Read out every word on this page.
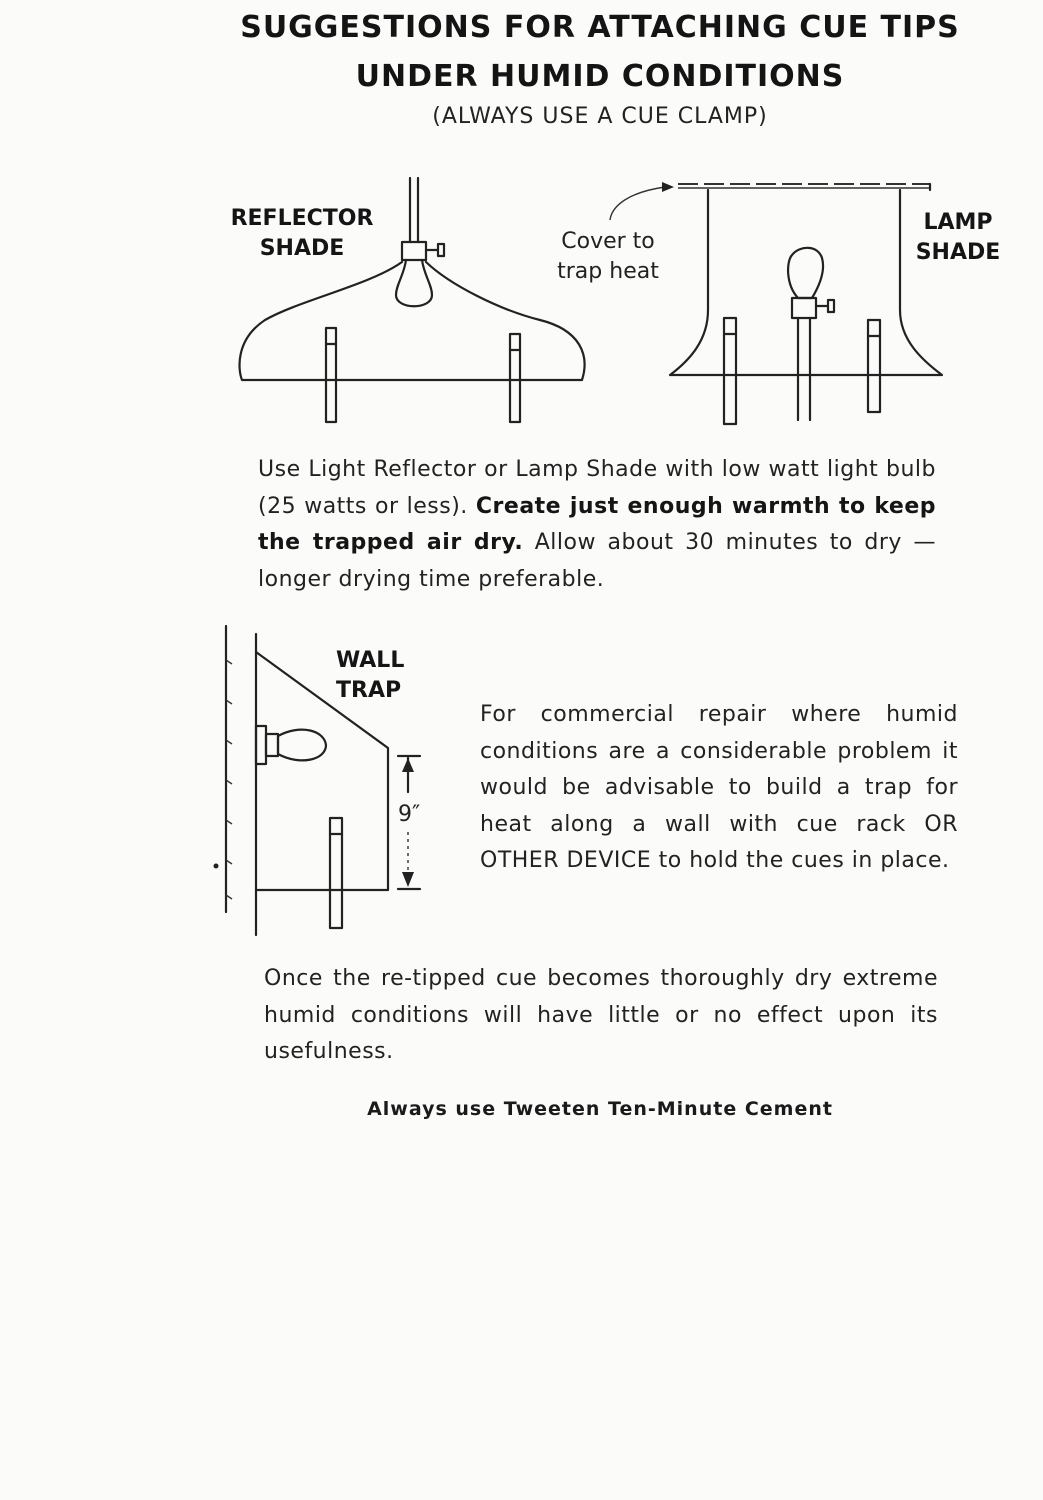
SUGGESTIONS FOR ATTACHING CUE TIPS
UNDER HUMID CONDITIONS
(ALWAYS USE A CUE CLAMP)
REFLECTOR
SHADE	Cover to
trap heat
LAMP
SHADE

Use Light Reflector or Lamp Shade with low watt light bulb (25 watts or less). Create just enough warmth to keep the trapped air dry. Allow about 30 minutes to dry — longer drying time preferable.

9″
WALL
TRAP

For commercial repair where humid conditions are a considerable problem it would be advisable to build a trap for heat along a wall with cue rack OR OTHER DEVICE to hold the cues in place.

Once the re-tipped cue becomes thoroughly dry extreme humid conditions will have little or no effect upon its usefulness.

Always use Tweeten Ten-Minute Cement
